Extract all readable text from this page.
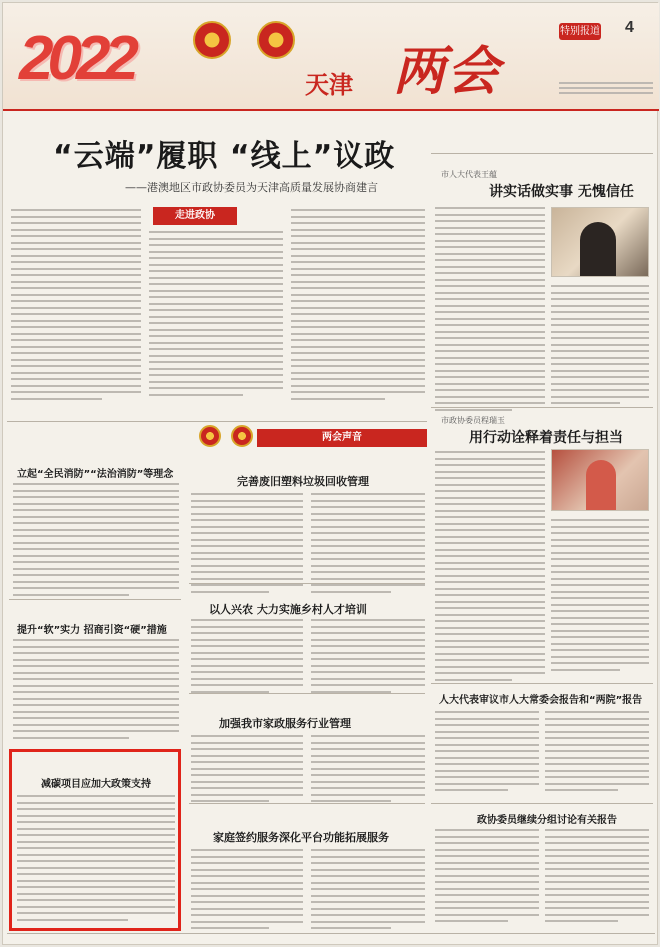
2022	天津 两会
特别报道 4
“云端”履职 “线上”议政
——港澳地区市政协委员为天津高质量发展协商建言
走进政协
市人大代表王蕴
讲实话做实事 无愧信任
市政协委员程瑞玉
用行动诠释着责任与担当
人大代表审议市人大常委会报告和“两院”报告
政协委员继续分组讨论有关报告
两会声音
完善废旧塑料垃圾回收管理
以人兴农 大力实施乡村人才培训
加强我市家政服务行业管理
家庭签约服务深化平台功能拓展服务
立起“全民消防”“法治消防”等理念
提升“软”实力 招商引资“硬”措施
减碳项目应加大政策支持
